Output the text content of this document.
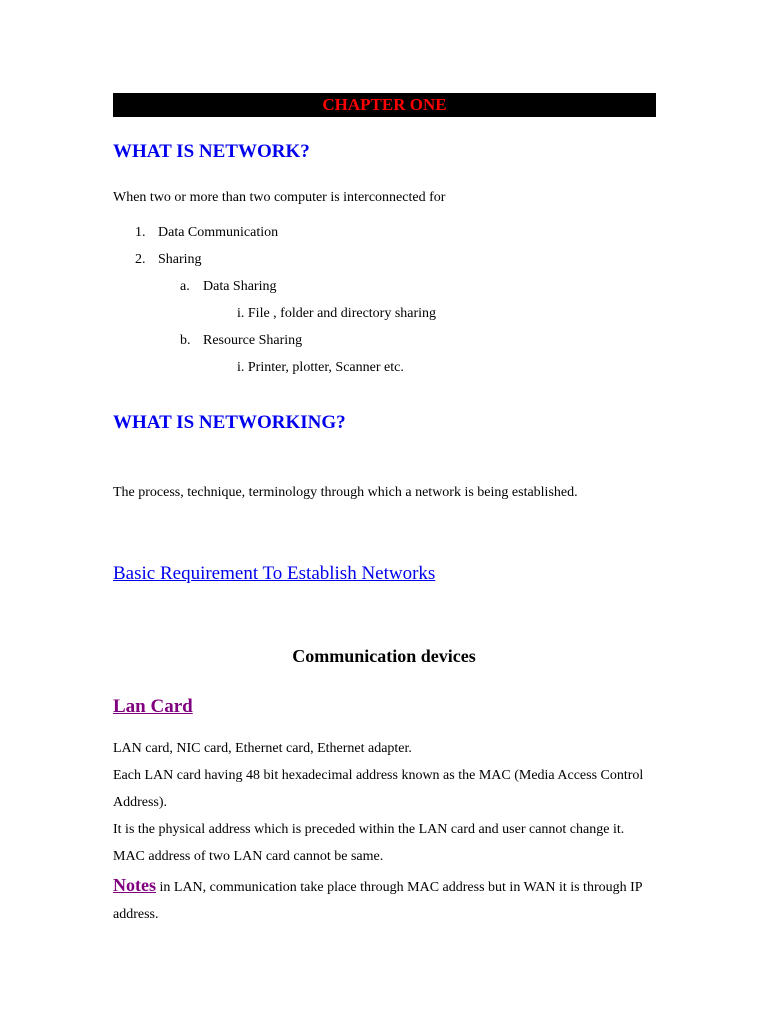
CHAPTER ONE
WHAT IS NETWORK?

When two or more than two computer is interconnected for

1. Data Communication
2. Sharing
a. Data Sharing
i. File , folder and directory sharing
b. Resource Sharing
i. Printer, plotter, Scanner etc.
WHAT IS NETWORKING?

The process, technique, terminology through which a network is being established.

Basic Requirement To Establish Networks
Communication devices
Lan Card

LAN card, NIC card, Ethernet card, Ethernet adapter.

Each LAN card having 48 bit hexadecimal address known as the MAC (Media Access Control Address).

It is the physical address which is preceded within the LAN card and user cannot change it. MAC address of two LAN card cannot be same.

Notes in LAN, communication take place through MAC address but in WAN it is through IP address.
